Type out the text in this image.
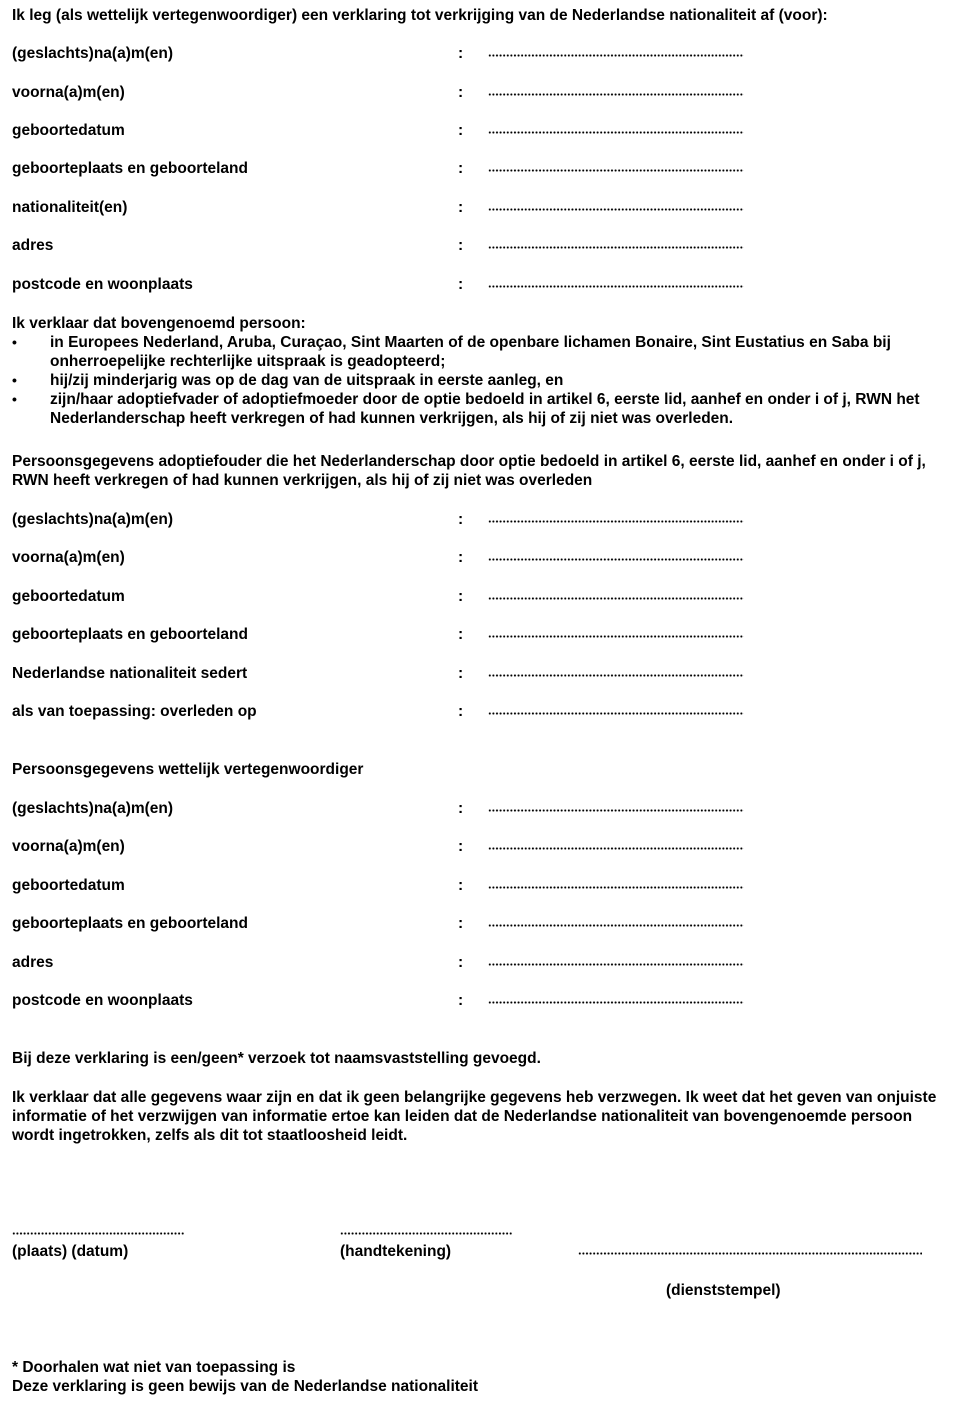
Ik leg (als wettelijk vertegenwoordiger) een verklaring tot verkrijging van de Nederlandse nationaliteit af (voor):
(geslachts)na(a)m(en)	:
voorna(a)m(en)	:
geboortedatum	:
geboorteplaats en geboorteland	:
nationaliteit(en)	:
adres	:
postcode en woonplaats	:
Ik verklaar dat bovengenoemd persoon:
• in Europees Nederland, Aruba, Curaçao, Sint Maarten of de openbare lichamen Bonaire, Sint Eustatius en Saba bij onherroepelijke rechterlijke uitspraak is geadopteerd;
• hij/zij minderjarig was op de dag van de uitspraak in eerste aanleg, en
• zijn/haar adoptiefvader of adoptiefmoeder door de optie bedoeld in artikel 6, eerste lid, aanhef en onder i of j, RWN het Nederlanderschap heeft verkregen of had kunnen verkrijgen, als hij of zij niet was overleden.
Persoonsgegevens adoptiefouder die het Nederlanderschap door optie bedoeld in artikel 6, eerste lid, aanhef en onder i of j, RWN heeft verkregen of had kunnen verkrijgen, als hij of zij niet was overleden
(geslachts)na(a)m(en)	:
voorna(a)m(en)	:
geboortedatum	:
geboorteplaats en geboorteland	:
Nederlandse nationaliteit sedert	:
als van toepassing: overleden op	:
Persoonsgegevens wettelijk vertegenwoordiger
(geslachts)na(a)m(en)	:
voorna(a)m(en)	:
geboortedatum	:
geboorteplaats en geboorteland	:
adres	:
postcode en woonplaats	:
Bij deze verklaring is een/geen* verzoek tot naamsvaststelling gevoegd.
Ik verklaar dat alle gegevens waar zijn en dat ik geen belangrijke gegevens heb verzwegen. Ik weet dat het geven van onjuiste informatie of het verzwijgen van informatie ertoe kan leiden dat de Nederlandse nationaliteit van bovengenoemde persoon wordt ingetrokken, zelfs als dit tot staatloosheid leidt.
(plaats) (datum)	(handtekening)
(dienststempel)
* Doorhalen wat niet van toepassing is
Deze verklaring is geen bewijs van de Nederlandse nationaliteit
